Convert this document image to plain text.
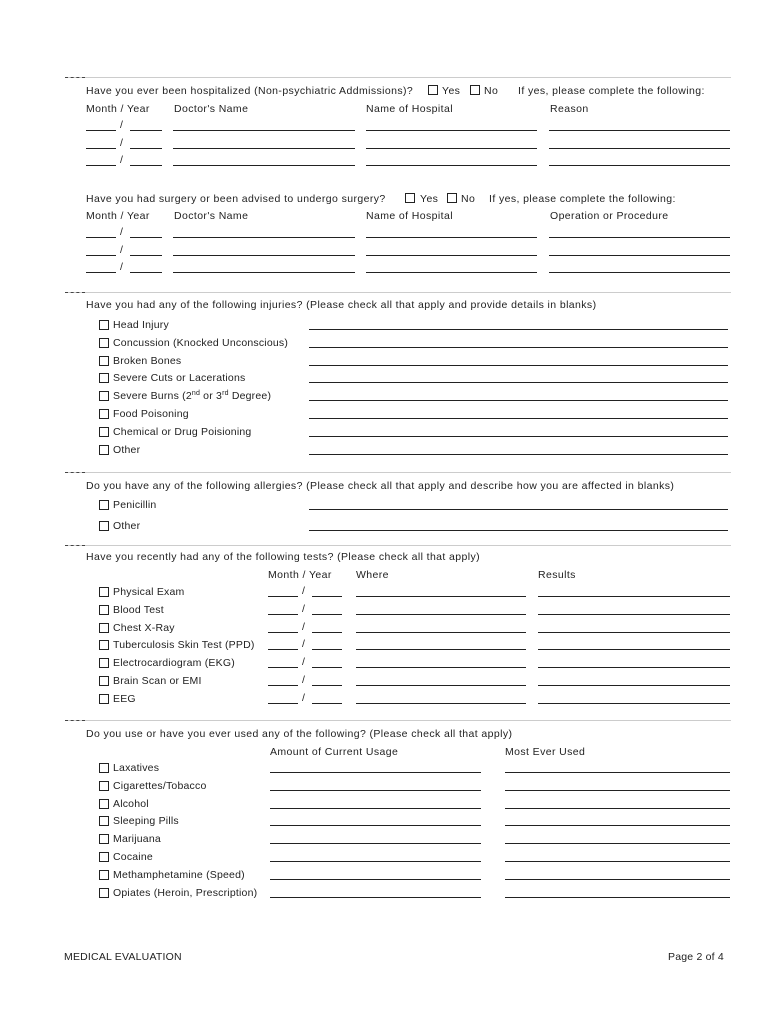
Have you ever been hospitalized (Non-psychiatric Addmissions)?	Yes No If yes, please complete the following:
Month / Year Doctor's Name	Name of Hospital	Reason
/
/
/
Have you had surgery or been advised to undergo surgery?	Yes No If yes, please complete the following:
Month / Year Doctor's Name	Name of Hospital	Operation or Procedure
/
/
/
Have you had any of the following injuries? (Please check all that apply and provide details in blanks)
Head Injury
Concussion (Knocked Unconscious)
Broken Bones
Severe Cuts or Lacerations
Severe Burns (2nd or 3rd Degree)
Food Poisoning
Chemical or Drug Poisioning
Other
Do you have any of the following allergies? (Please check all that apply and describe how you are affected in blanks)
Penicillin
Other
Have you recently had any of the following tests? (Please check all that apply)
Month / Year Where	Results
Physical Exam	/
Blood Test	/
Chest X-Ray	/
Tuberculosis Skin Test (PPD)	/
Electrocardiogram (EKG)	/
Brain Scan or EMI	/
EEG	/
Do you use or have you ever used any of the following? (Please check all that apply)
Amount of Current Usage	Most Ever Used
Laxatives
Cigarettes/Tobacco
Alcohol
Sleeping Pills
Marijuana
Cocaine
Methamphetamine (Speed)
Opiates (Heroin, Prescription)
MEDICAL EVALUATION	Page 2 of 4
